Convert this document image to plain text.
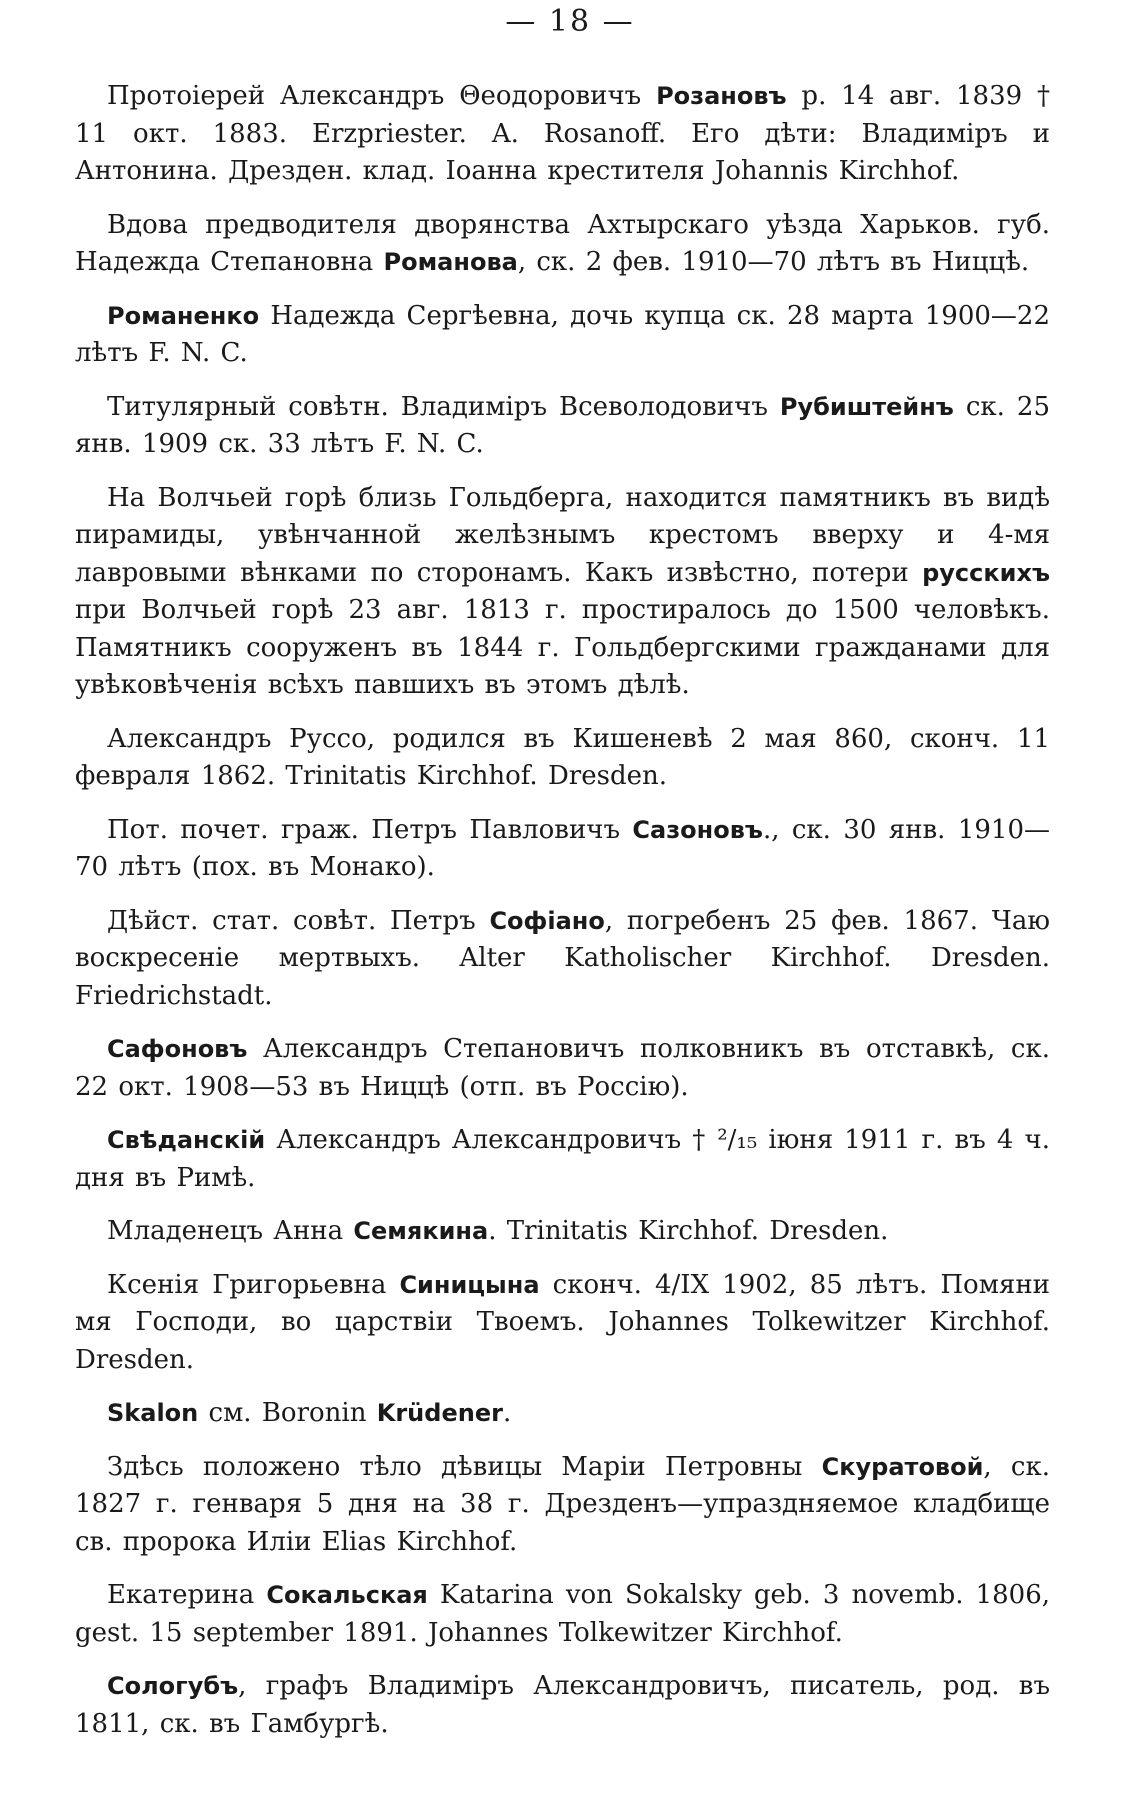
— 18 —

Протоіерей Александръ Θеодоровичъ Розановъ р. 14 авг. 1839 † 11 окт. 1883. Erzpriester. A. Rosanoff. Его дѣти: Владиміръ и Антонина. Дрезден. клад. Іоанна крестителя Johannis Kirchhof.

Вдова предводителя дворянства Ахтырскаго уѣзда Харьков. губ. Надежда Степановна Романова, ск. 2 фев. 1910—70 лѣтъ въ Ниццѣ.

Романенко Надежда Сергѣевна, дочь купца ск. 28 марта 1900—22 лѣтъ F. N. C.

Титулярный совѣтн. Владиміръ Всеволодовичъ Рубиштейнъ ск. 25 янв. 1909 ск. 33 лѣтъ F. N. C.

На Волчьей горѣ близь Гольдберга, находится памятникъ въ видѣ пирамиды, увѣнчанной желѣзнымъ крестомъ вверху и 4-мя лавровыми вѣнками по сторонамъ. Какъ извѣстно, потери русскихъ при Волчьей горѣ 23 авг. 1813 г. простиралось до 1500 человѣкъ. Памятникъ сооруженъ въ 1844 г. Гольдбергскими гражданами для увѣковѣченія всѣхъ павшихъ въ этомъ дѣлѣ.

Александръ Руссо, родился въ Кишеневѣ 2 мая 860, сконч. 11 февраля 1862. Trinitatis Kirchhof. Dresden.

Пот. почет. граж. Петръ Павловичъ Сазоновъ., ск. 30 янв. 1910—70 лѣтъ (пох. въ Монако).

Дѣйст. стат. совѣт. Петръ Софiано, погребенъ 25 фев. 1867. Чаю воскресеніе мертвыхъ. Alter Katholischer Kirchhof. Dresden. Friedrichstadt.

Сафоновъ Александръ Степановичъ полковникъ въ отставкѣ, ск. 22 окт. 1908—53 въ Ниццѣ (отп. въ Россію).

Свѣданскій Александръ Александровичъ † ²/₁₅ іюня 1911 г. въ 4 ч. дня въ Римѣ.

Младенецъ Анна Семякина. Trinitatis Kirchhof. Dresden.

Ксенія Григорьевна Синицына сконч. 4/IX 1902, 85 лѣтъ. Помяни мя Господи, во царствіи Твоемъ. Johannes Tolkewitzer Kirchhof. Dresden.

Skalon см. Boronin Krüdener.

Здѣсь положено тѣло дѣвицы Маріи Петровны Скуратовой, ск. 1827 г. генваря 5 дня на 38 г. Дрезденъ—упраздняемое кладбище св. пророка Иліи Elias Kirchhof.

Екатерина Сокальская Katarina von Sokalsky geb. 3 novemb. 1806, gest. 15 september 1891. Johannes Tolkewitzer Kirchhof.

Сологубъ, графъ Владиміръ Александровичъ, писатель, род. въ 1811, ск. въ Гамбургѣ.
